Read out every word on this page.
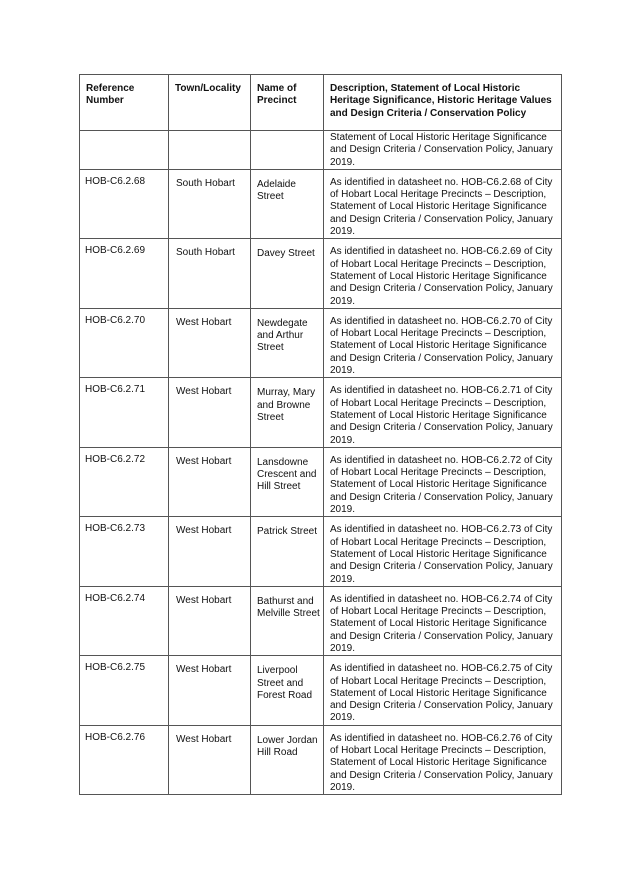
Reference Number	Town/Locality	Name of Precinct	Description, Statement of Local Historic Heritage Significance, Historic Heritage Values and Design Criteria / Conservation Policy
			Statement of Local Historic Heritage Significance and Design Criteria / Conservation Policy, January 2019.
HOB-C6.2.68	South Hobart	Adelaide Street	As identified in datasheet no. HOB-C6.2.68 of City of Hobart Local Heritage Precincts – Description, Statement of Local Historic Heritage Significance and Design Criteria / Conservation Policy, January 2019.
HOB-C6.2.69	South Hobart	Davey Street	As identified in datasheet no. HOB-C6.2.69 of City of Hobart Local Heritage Precincts – Description, Statement of Local Historic Heritage Significance and Design Criteria / Conservation Policy, January 2019.
HOB-C6.2.70	West Hobart	Newdegate and Arthur Street	As identified in datasheet no. HOB-C6.2.70 of City of Hobart Local Heritage Precincts – Description, Statement of Local Historic Heritage Significance and Design Criteria / Conservation Policy, January 2019.
HOB-C6.2.71	West Hobart	Murray, Mary and Browne Street	As identified in datasheet no. HOB-C6.2.71 of City of Hobart Local Heritage Precincts – Description, Statement of Local Historic Heritage Significance and Design Criteria / Conservation Policy, January 2019.
HOB-C6.2.72	West Hobart	Lansdowne Crescent and Hill Street	As identified in datasheet no. HOB-C6.2.72 of City of Hobart Local Heritage Precincts – Description, Statement of Local Historic Heritage Significance and Design Criteria / Conservation Policy, January 2019.
HOB-C6.2.73	West Hobart	Patrick Street	As identified in datasheet no. HOB-C6.2.73 of City of Hobart Local Heritage Precincts – Description, Statement of Local Historic Heritage Significance and Design Criteria / Conservation Policy, January 2019.
HOB-C6.2.74	West Hobart	Bathurst and Melville Street	As identified in datasheet no. HOB-C6.2.74 of City of Hobart Local Heritage Precincts – Description, Statement of Local Historic Heritage Significance and Design Criteria / Conservation Policy, January 2019.
HOB-C6.2.75	West Hobart	Liverpool Street and Forest Road	As identified in datasheet no. HOB-C6.2.75 of City of Hobart Local Heritage Precincts – Description, Statement of Local Historic Heritage Significance and Design Criteria / Conservation Policy, January 2019.
HOB-C6.2.76	West Hobart	Lower Jordan Hill Road	As identified in datasheet no. HOB-C6.2.76 of City of Hobart Local Heritage Precincts – Description, Statement of Local Historic Heritage Significance and Design Criteria / Conservation Policy, January 2019.
